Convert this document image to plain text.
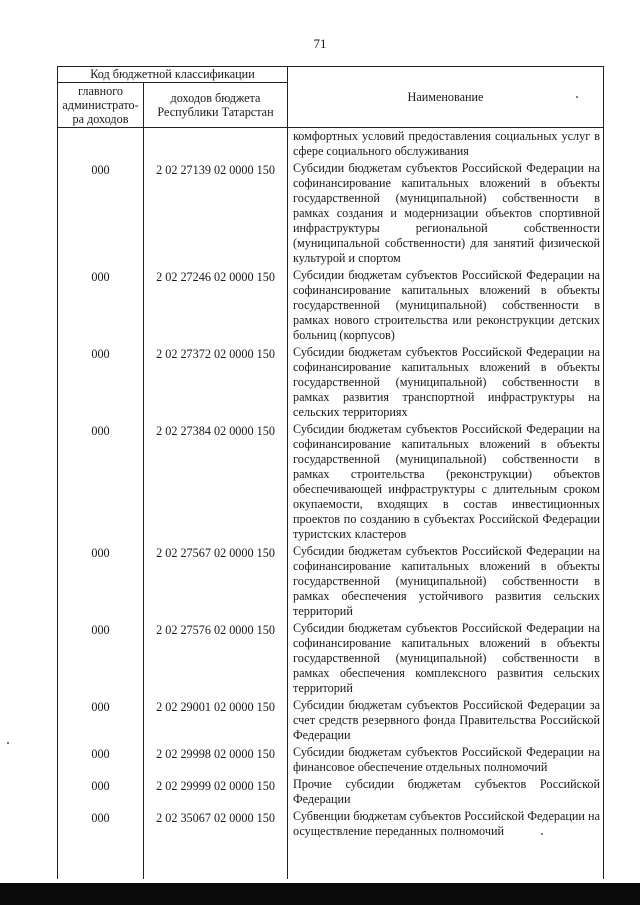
71
Код бюджетной классификации		Наименование
главного администрато-ра доходов	доходов бюджета Республики Татарстан	
		комфортных условий предоставления социальных услуг в сфере социального обслуживания
000	2 02 27139 02 0000 150	Субсидии бюджетам субъектов Российской Федерации на софинансирование капитальных вложений в объекты государственной (муниципальной) собственности в рамках создания и модернизации объектов спортивной инфраструктуры региональной собственности (муниципальной собственности) для занятий физической культурой и спортом
000	2 02 27246 02 0000 150	Субсидии бюджетам субъектов Российской Федерации на софинансирование капитальных вложений в объекты государственной (муниципальной) собственности в рамках нового строительства или реконструкции детских больниц (корпусов)
000	2 02 27372 02 0000 150	Субсидии бюджетам субъектов Российской Федерации на софинансирование капитальных вложений в объекты государственной (муниципальной) собственности в рамках развития транспортной инфраструктуры на сельских территориях
000	2 02 27384 02 0000 150	Субсидии бюджетам субъектов Российской Федерации на софинансирование капитальных вложений в объекты государственной (муниципальной) собственности в рамках строительства (реконструкции) объектов обеспечивающей инфраструктуры с длительным сроком окупаемости, входящих в состав инвестиционных проектов по созданию в субъектах Российской Федерации туристских кластеров
000	2 02 27567 02 0000 150	Субсидии бюджетам субъектов Российской Федерации на софинансирование капитальных вложений в объекты государственной (муниципальной) собственности в рамках обеспечения устойчивого развития сельских территорий
000	2 02 27576 02 0000 150	Субсидии бюджетам субъектов Российской Федерации на софинансирование капитальных вложений в объекты государственной (муниципальной) собственности в рамках обеспечения комплексного развития сельских территорий
000	2 02 29001 02 0000 150	Субсидии бюджетам субъектов Российской Федерации за счет средств резервного фонда Правительства Российской Федерации
000	2 02 29998 02 0000 150	Субсидии бюджетам субъектов Российской Федерации на финансовое обеспечение отдельных полномочий
000	2 02 29999 02 0000 150	Прочие субсидии бюджетам субъектов Российской Федерации
000	2 02 35067 02 0000 150	Субвенции бюджетам субъектов Российской Федерации на осуществление переданных полномочий
